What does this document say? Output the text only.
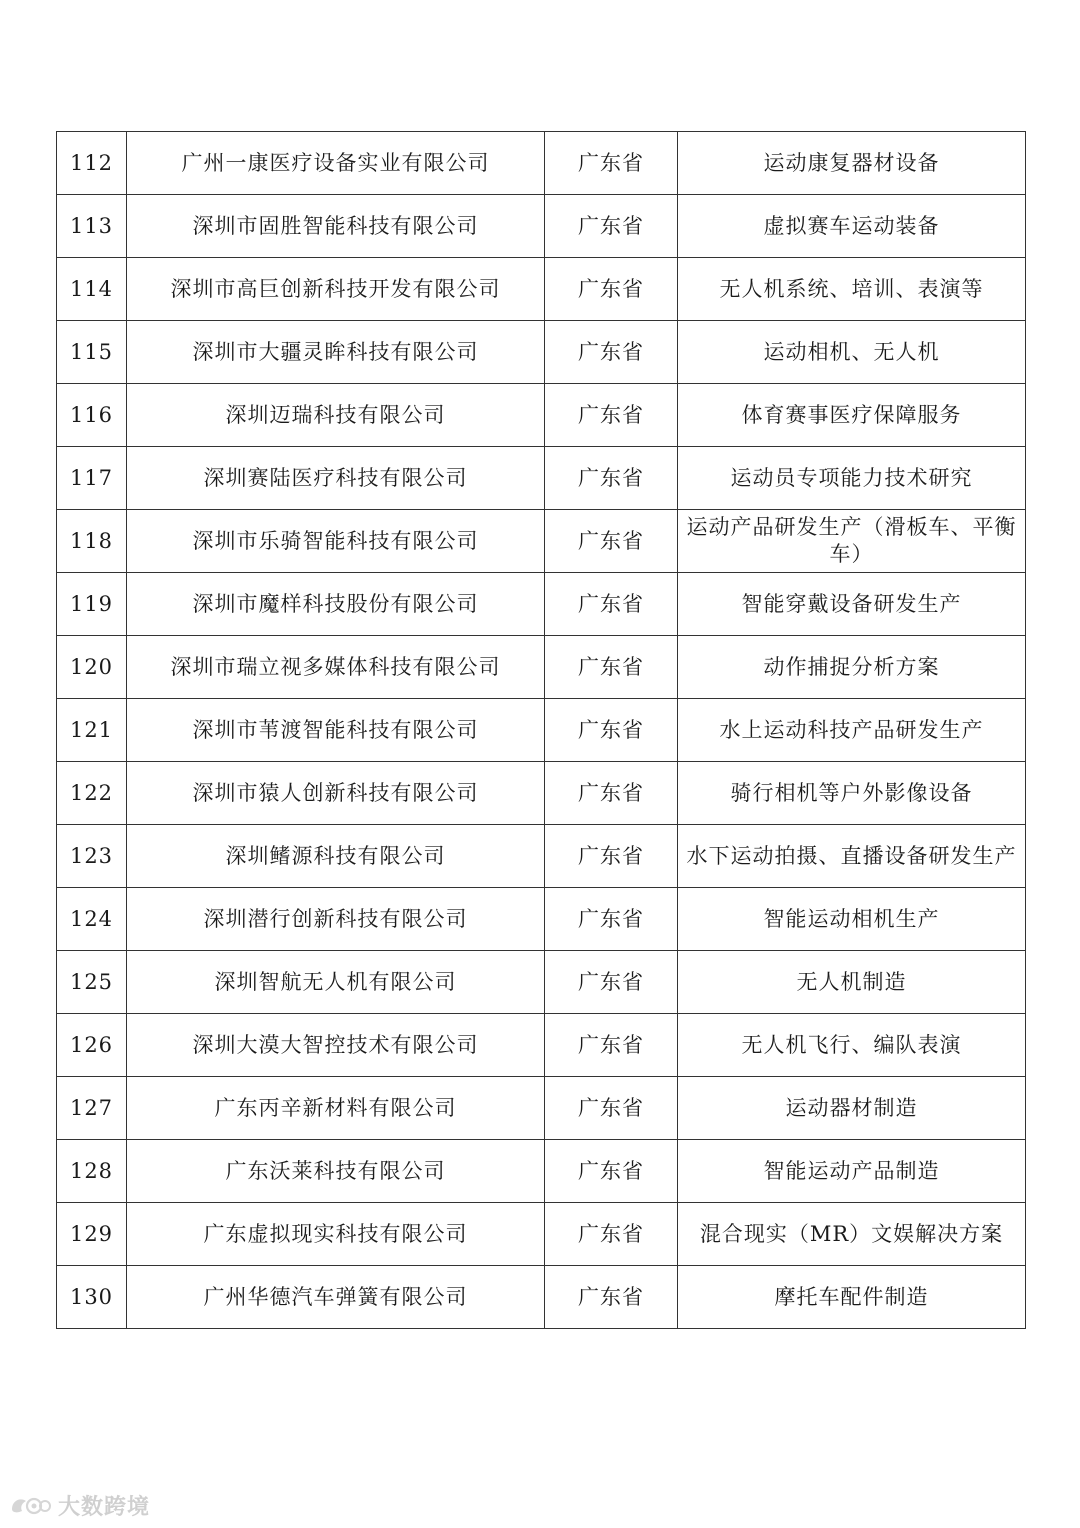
112	广州一康医疗设备实业有限公司	广东省	运动康复器材设备
113	深圳市固胜智能科技有限公司	广东省	虚拟赛车运动装备
114	深圳市高巨创新科技开发有限公司	广东省	无人机系统、培训、表演等
115	深圳市大疆灵眸科技有限公司	广东省	运动相机、无人机
116	深圳迈瑞科技有限公司	广东省	体育赛事医疗保障服务
117	深圳赛陆医疗科技有限公司	广东省	运动员专项能力技术研究
118	深圳市乐骑智能科技有限公司	广东省	运动产品研发生产（滑板车、平衡车）
119	深圳市魔样科技股份有限公司	广东省	智能穿戴设备研发生产
120	深圳市瑞立视多媒体科技有限公司	广东省	动作捕捉分析方案
121	深圳市苇渡智能科技有限公司	广东省	水上运动科技产品研发生产
122	深圳市猿人创新科技有限公司	广东省	骑行相机等户外影像设备
123	深圳鳍源科技有限公司	广东省	水下运动拍摄、直播设备研发生产
124	深圳潜行创新科技有限公司	广东省	智能运动相机生产
125	深圳智航无人机有限公司	广东省	无人机制造
126	深圳大漠大智控技术有限公司	广东省	无人机飞行、编队表演
127	广东丙辛新材料有限公司	广东省	运动器材制造
128	广东沃莱科技有限公司	广东省	智能运动产品制造
129	广东虚拟现实科技有限公司	广东省	混合现实（MR）文娱解决方案
130	广州华德汽车弹簧有限公司	广东省	摩托车配件制造
大数跨境
